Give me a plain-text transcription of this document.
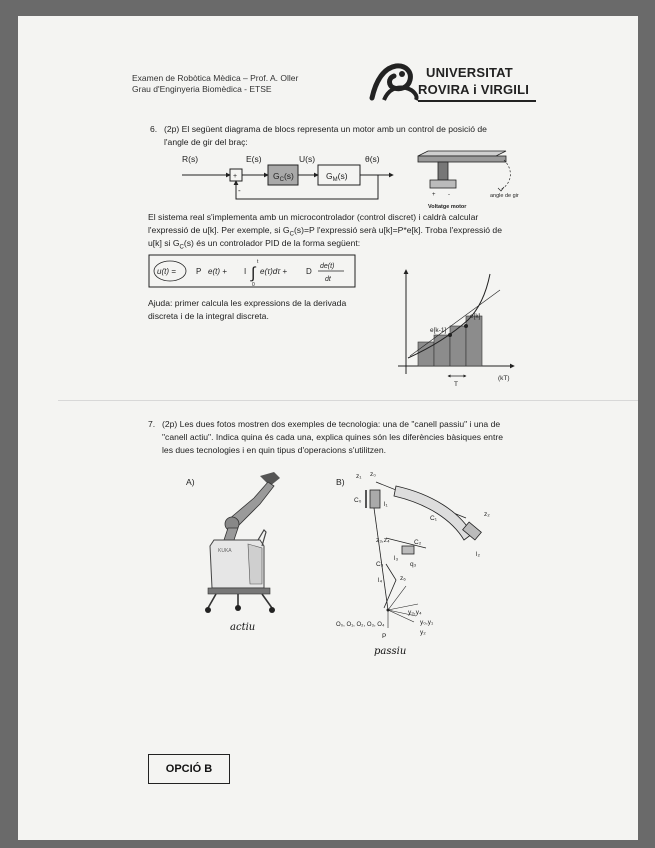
Examen de Robòtica Mèdica – Prof. A. Oller
Grau d'Enginyeria Biomèdica - ETSE
UNIVERSITAT
ROVIRA i VIRGILI
6. (2p) El següent diagrama de blocs representa un motor amb un control de posició de
l'angle de gir del braç:
R(s)	E(s)	U(s)	θ(s)
+
-
$G_C(s)$	$G_M(s)$
angle de gir
+ -
Voltatge motor
El sistema real s'implementa amb un microcontrolador (control discret) i caldrà calcular
l'expressió de u[k]. Per exemple, si $G_C(s)=P$ l'expressió serà u[k]=P*e[k]. Troba l'expressió de
u[k] si $G_C(s)$ és un controlador PID de la forma següent:
u(t) =	P e(t) + I
t
0
∫ e(τ)dτ + D
de(t)
dt
Ajuda: primer calcula les expressions de la derivada
discreta i de la integral discreta.	e[k]
e[k-1]
T
(kT)
7. (2p) Les dues fotos mostren dos exemples de tecnologia: una de "canell passiu" i una de
"canell actiu". Indica quina és cada una, explica quines són les diferències bàsiques entre
les dues tecnologies i en quin tipus d'operacions s'utilitzen.
A)	B)
KUKA
actiu
z₁ z₀
C₀
l₁
C₁
z₂
l₂
z₃,z₄	C₂
C₃
l₃
q₃
l₄	z₆
O₀, O₁, O₂, O₃, O₄
y₃,y₄
y₀,y₁
y₂
P
passiu
OPCIÓ B
